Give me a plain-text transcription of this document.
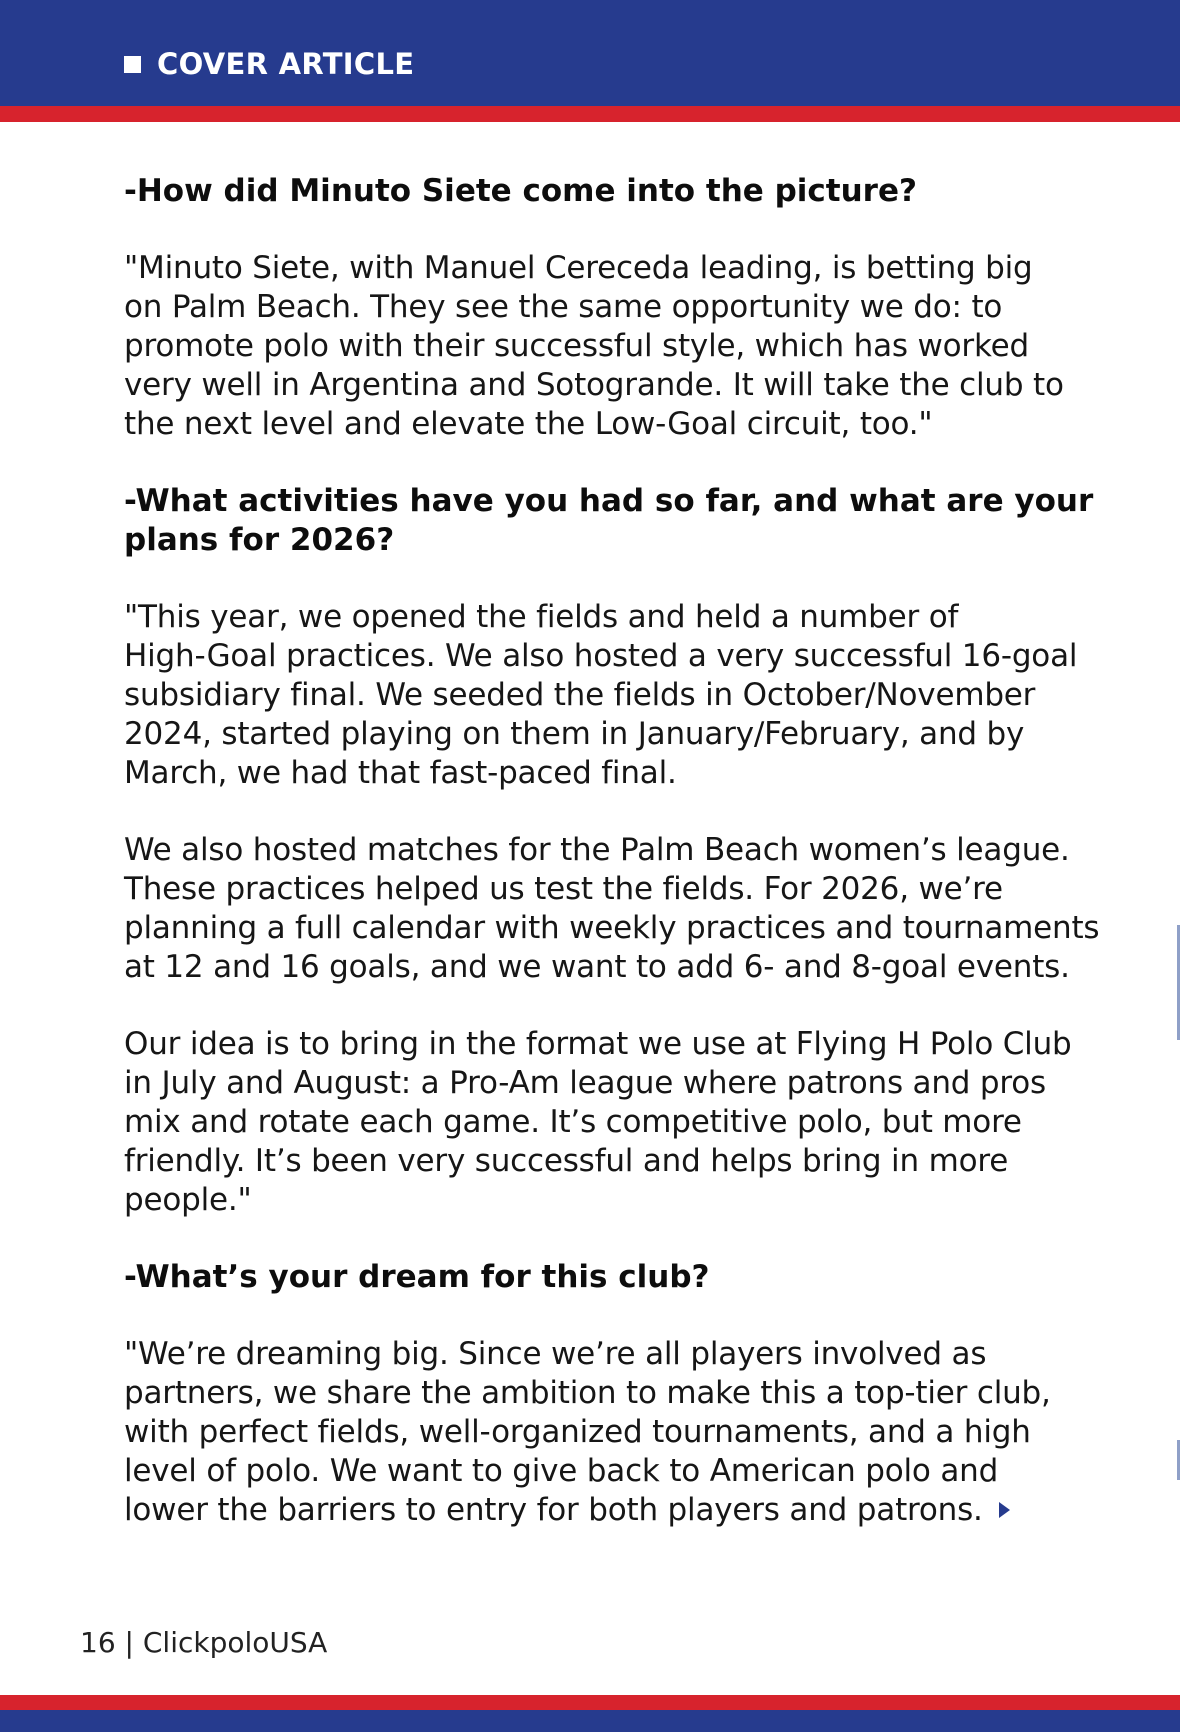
COVER ARTICLE
-How did Minuto Siete come into the picture?
"Minuto Siete, with Manuel Cereceda leading, is betting big
on Palm Beach. They see the same opportunity we do: to
promote polo with their successful style, which has worked
very well in Argentina and Sotogrande. It will take the club to
the next level and elevate the Low-Goal circuit, too."
-What activities have you had so far, and what are your
plans for 2026?
"This year, we opened the fields and held a number of
High-Goal practices. We also hosted a very successful 16-goal
subsidiary final. We seeded the fields in October/November
2024, started playing on them in January/February, and by
March, we had that fast-paced final.
We also hosted matches for the Palm Beach women’s league.
These practices helped us test the fields. For 2026, we’re
planning a full calendar with weekly practices and tournaments
at 12 and 16 goals, and we want to add 6- and 8-goal events.
Our idea is to bring in the format we use at Flying H Polo Club
in July and August: a Pro-Am league where patrons and pros
mix and rotate each game. It’s competitive polo, but more
friendly. It’s been very successful and helps bring in more
people."
-What’s your dream for this club?
"We’re dreaming big. Since we’re all players involved as
partners, we share the ambition to make this a top-tier club,
with perfect fields, well-organized tournaments, and a high
level of polo. We want to give back to American polo and
lower the barriers to entry for both players and patrons.
16 | ClickpoloUSA
